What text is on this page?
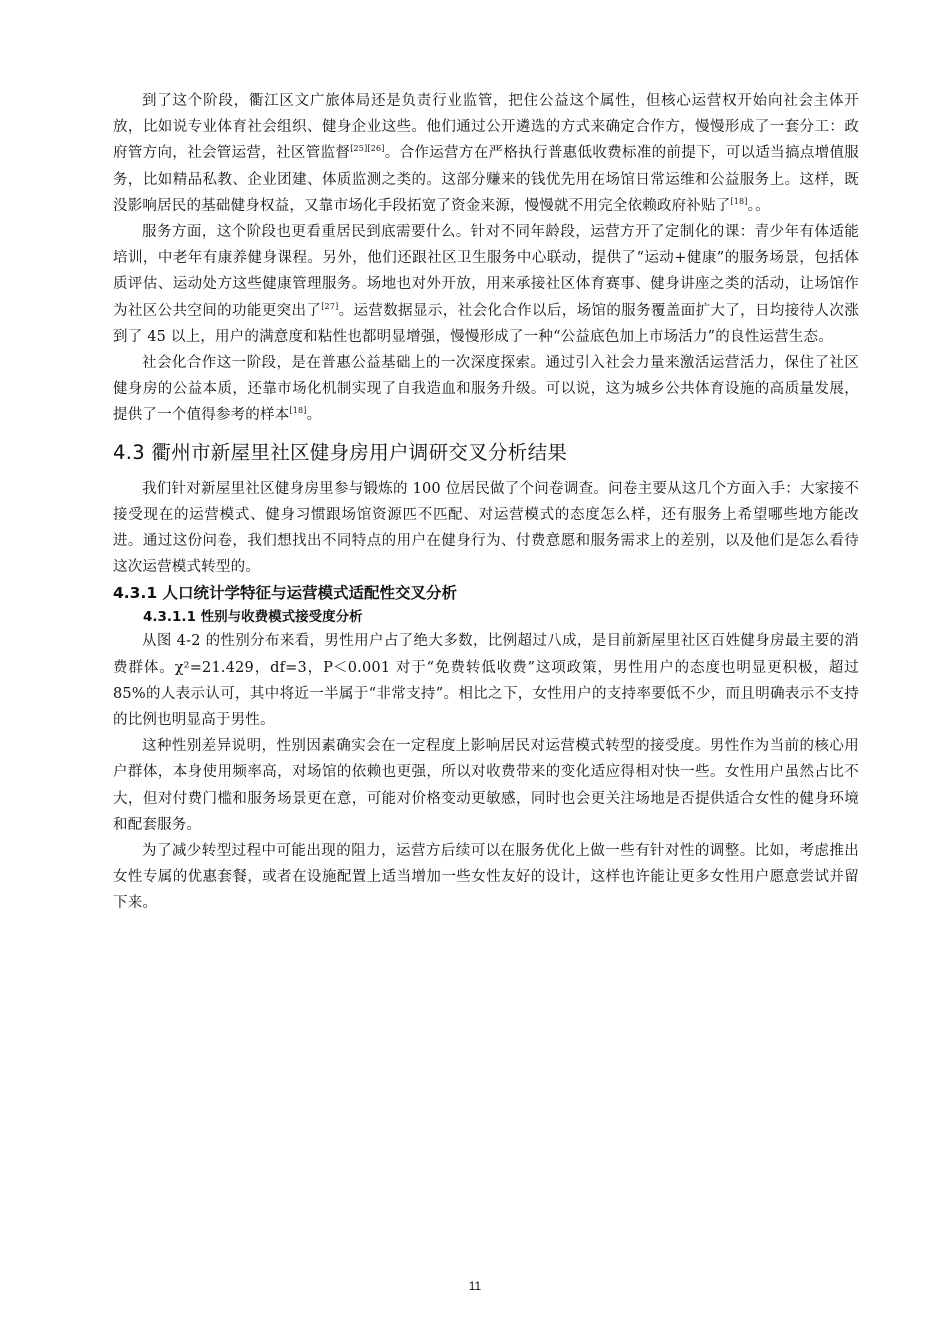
到了这个阶段，衢江区文广旅体局还是负责行业监管，把住公益这个属性，但核心运营权开始向社会主体开放，比如说专业体育社会组织、健身企业这些。他们通过公开遴选的方式来确定合作方，慢慢形成了一套分工：政府管方向，社会管运营，社区管监督[25][26]。合作运营方在严格执行普惠低收费标准的前提下，可以适当搞点增值服务，比如精品私教、企业团建、体质监测之类的。这部分赚来的钱优先用在场馆日常运维和公益服务上。这样，既没影响居民的基础健身权益，又靠市场化手段拓宽了资金来源，慢慢就不用完全依赖政府补贴了[18]。。

服务方面，这个阶段也更看重居民到底需要什么。针对不同年龄段，运营方开了定制化的课：青少年有体适能培训，中老年有康养健身课程。另外，他们还跟社区卫生服务中心联动，提供了“运动+健康”的服务场景，包括体质评估、运动处方这些健康管理服务。场地也对外开放，用来承接社区体育赛事、健身讲座之类的活动，让场馆作为社区公共空间的功能更突出了[27]。运营数据显示，社会化合作以后，场馆的服务覆盖面扩大了，日均接待人次涨到了 45 以上，用户的满意度和粘性也都明显增强，慢慢形成了一种“公益底色加上市场活力”的良性运营生态。

社会化合作这一阶段，是在普惠公益基础上的一次深度探索。通过引入社会力量来激活运营活力，保住了社区健身房的公益本质，还靠市场化机制实现了自我造血和服务升级。可以说，这为城乡公共体育设施的高质量发展，提供了一个值得参考的样本[18]。

4.3 衢州市新屋里社区健身房用户调研交叉分析结果

我们针对新屋里社区健身房里参与锻炼的 100 位居民做了个问卷调查。问卷主要从这几个方面入手：大家接不接受现在的运营模式、健身习惯跟场馆资源匹不匹配、对运营模式的态度怎么样，还有服务上希望哪些地方能改进。通过这份问卷，我们想找出不同特点的用户在健身行为、付费意愿和服务需求上的差别，以及他们是怎么看待这次运营模式转型的。

4.3.1 人口统计学特征与运营模式适配性交叉分析
4.3.1.1 性别与收费模式接受度分析

从图 4-2 的性别分布来看，男性用户占了绝大多数，比例超过八成，是目前新屋里社区百姓健身房最主要的消费群体。χ²=21.429，df=3，P＜0.001 对于“免费转低收费”这项政策，男性用户的态度也明显更积极，超过 85%的人表示认可，其中将近一半属于“非常支持”。相比之下，女性用户的支持率要低不少，而且明确表示不支持的比例也明显高于男性。

这种性别差异说明，性别因素确实会在一定程度上影响居民对运营模式转型的接受度。男性作为当前的核心用户群体，本身使用频率高，对场馆的依赖也更强，所以对收费带来的变化适应得相对快一些。女性用户虽然占比不大，但对付费门槛和服务场景更在意，可能对价格变动更敏感，同时也会更关注场地是否提供适合女性的健身环境和配套服务。

为了减少转型过程中可能出现的阻力，运营方后续可以在服务优化上做一些有针对性的调整。比如，考虑推出女性专属的优惠套餐，或者在设施配置上适当增加一些女性友好的设计，这样也许能让更多女性用户愿意尝试并留下来。

11
